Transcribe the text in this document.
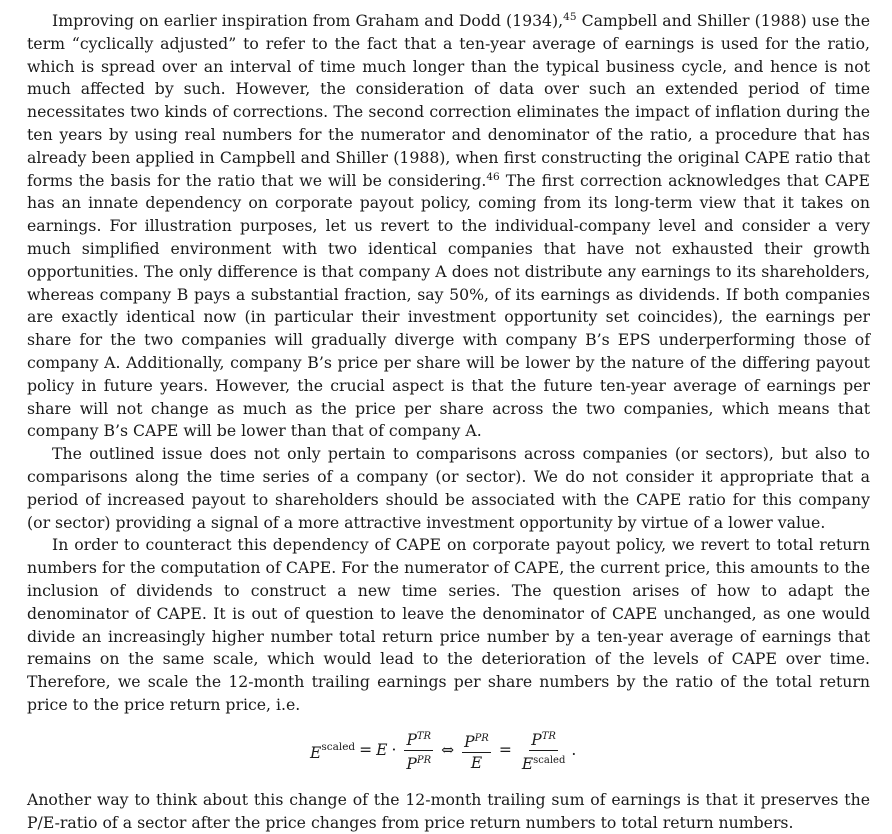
Improving on earlier inspiration from Graham and Dodd (1934),$^{45}$ Campbell and Shiller (1988) use the term “cyclically adjusted” to refer to the fact that a ten-year average of earnings is used for the ratio, which is spread over an interval of time much longer than the typical business cycle, and hence is not much affected by such. However, the consideration of data over such an extended period of time necessitates two kinds of corrections. The second correction eliminates the impact of inflation during the ten years by using real numbers for the numerator and denominator of the ratio, a procedure that has already been applied in Campbell and Shiller (1988), when first constructing the original CAPE ratio that forms the basis for the ratio that we will be considering.$^{46}$ The first correction acknowledges that CAPE has an innate dependency on corporate payout policy, coming from its long-term view that it takes on earnings. For illustration purposes, let us revert to the individual-company level and consider a very much simplified environment with two identical companies that have not exhausted their growth opportunities. The only difference is that company A does not distribute any earnings to its shareholders, whereas company B pays a substantial fraction, say 50%, of its earnings as dividends. If both companies are exactly identical now (in particular their investment opportunity set coincides), the earnings per share for the two companies will gradually diverge with company B’s EPS underperforming those of company A. Additionally, company B’s price per share will be lower by the nature of the differing payout policy in future years. However, the crucial aspect is that the future ten-year average of earnings per share will not change as much as the price per share across the two companies, which means that company B’s CAPE will be lower than that of company A.

The outlined issue does not only pertain to comparisons across companies (or sectors), but also to comparisons along the time series of a company (or sector). We do not consider it appropriate that a period of increased payout to shareholders should be associated with the CAPE ratio for this company (or sector) providing a signal of a more attractive investment opportunity by virtue of a lower value.

In order to counteract this dependency of CAPE on corporate payout policy, we revert to total return numbers for the computation of CAPE. For the numerator of CAPE, the current price, this amounts to the inclusion of dividends to construct a new time series. The question arises of how to adapt the denominator of CAPE. It is out of question to leave the denominator of CAPE unchanged, as one would divide an increasingly higher number total return price number by a ten-year average of earnings that remains on the same scale, which would lead to the deterioration of the levels of CAPE over time. Therefore, we scale the 12-month trailing earnings per share numbers by the ratio of the total return price to the price return price, i.e.

$E^{scaled} = E \cdot \frac{P^{TR}}{P^{PR}}$ ⇔ $\frac{P^{PR}}{E} = \frac{P^{TR}}{E^{scaled}}$ .

Another way to think about this change of the 12-month trailing sum of earnings is that it preserves the P/E-ratio of a sector after the price changes from price return numbers to total return numbers.
